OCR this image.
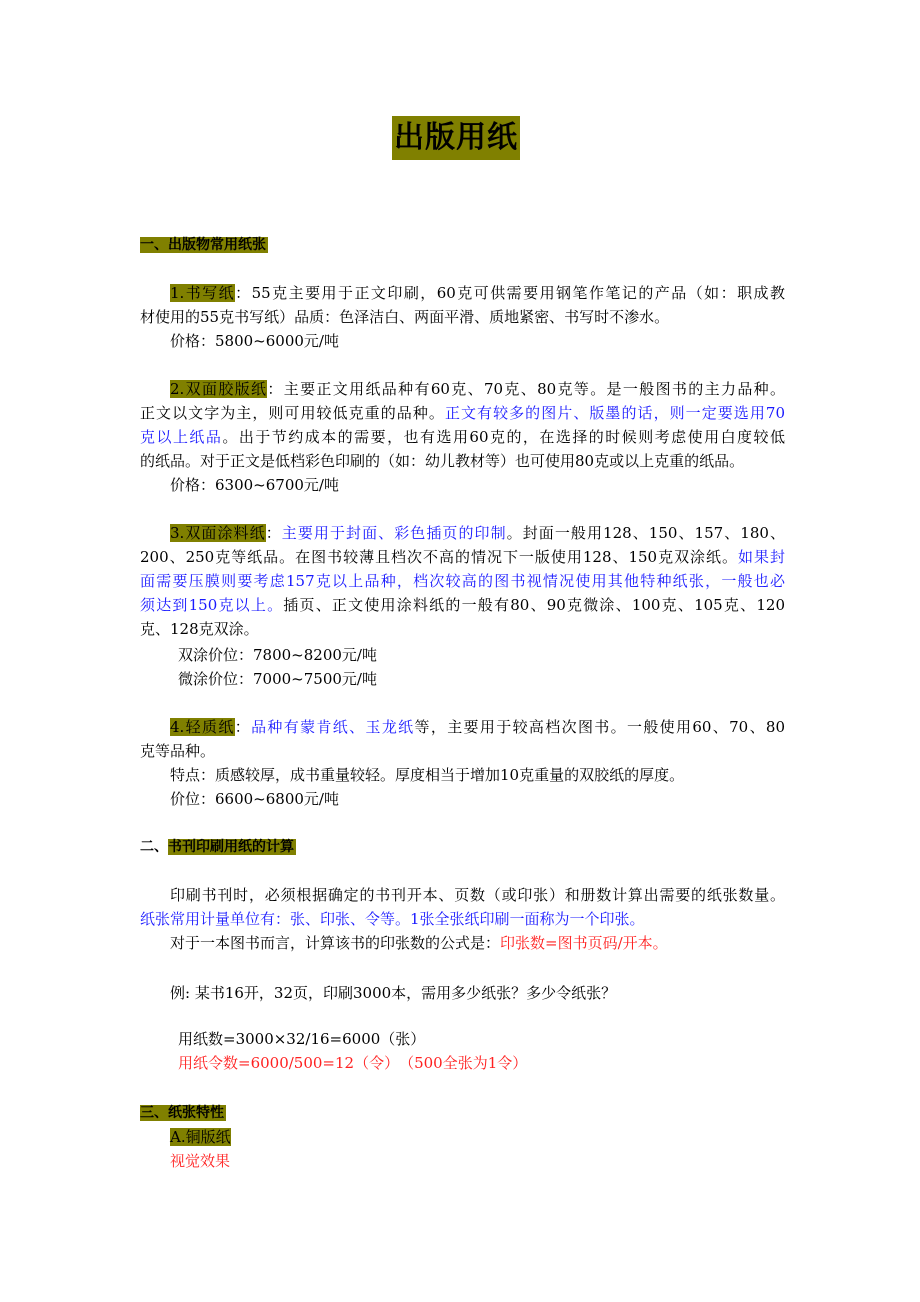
出版用纸
一、出版物常用纸张
1.书写纸：55克主要用于正文印刷，60克可供需要用钢笔作笔记的产品（如：职成教
材使用的55克书写纸）品质：色泽洁白、两面平滑、质地紧密、书写时不渗水。
价格：5800~6000元/吨
2.双面胶版纸：主要正文用纸品种有60克、70克、80克等。是一般图书的主力品种。
正文以文字为主，则可用较低克重的品种。正文有较多的图片、版墨的话，则一定要选用70
克以上纸品。出于节约成本的需要，也有选用60克的，在选择的时候则考虑使用白度较低
的纸品。对于正文是低档彩色印刷的（如：幼儿教材等）也可使用80克或以上克重的纸品。
价格：6300~6700元/吨
3.双面涂料纸：主要用于封面、彩色插页的印制。封面一般用128、150、157、180、
200、250克等纸品。在图书较薄且档次不高的情况下一版使用128、150克双涂纸。如果封
面需要压膜则要考虑157克以上品种，档次较高的图书视情况使用其他特种纸张，一般也必
须达到150克以上。插页、正文使用涂料纸的一般有80、90克微涂、100克、105克、120
克、128克双涂。
双涂价位：7800~8200元/吨
微涂价位：7000~7500元/吨
4.轻质纸：品种有蒙肯纸、玉龙纸等，主要用于较高档次图书。一般使用60、70、80
克等品种。
特点：质感较厚，成书重量较轻。厚度相当于增加10克重量的双胶纸的厚度。
价位：6600~6800元/吨
二、书刊印刷用纸的计算
印刷书刊时，必须根据确定的书刊开本、页数（或印张）和册数计算出需要的纸张数量。
纸张常用计量单位有：张、印张、令等。1张全张纸印刷一面称为一个印张。
对于一本图书而言，计算该书的印张数的公式是：印张数=图书页码/开本。
例: 某书16开，32页，印刷3000本，需用多少纸张？多少令纸张？
用纸数=3000×32/16=6000（张）
用纸令数=6000/500=12（令）　（500全张为1令）
三、纸张特性
A.铜版纸
视觉效果
